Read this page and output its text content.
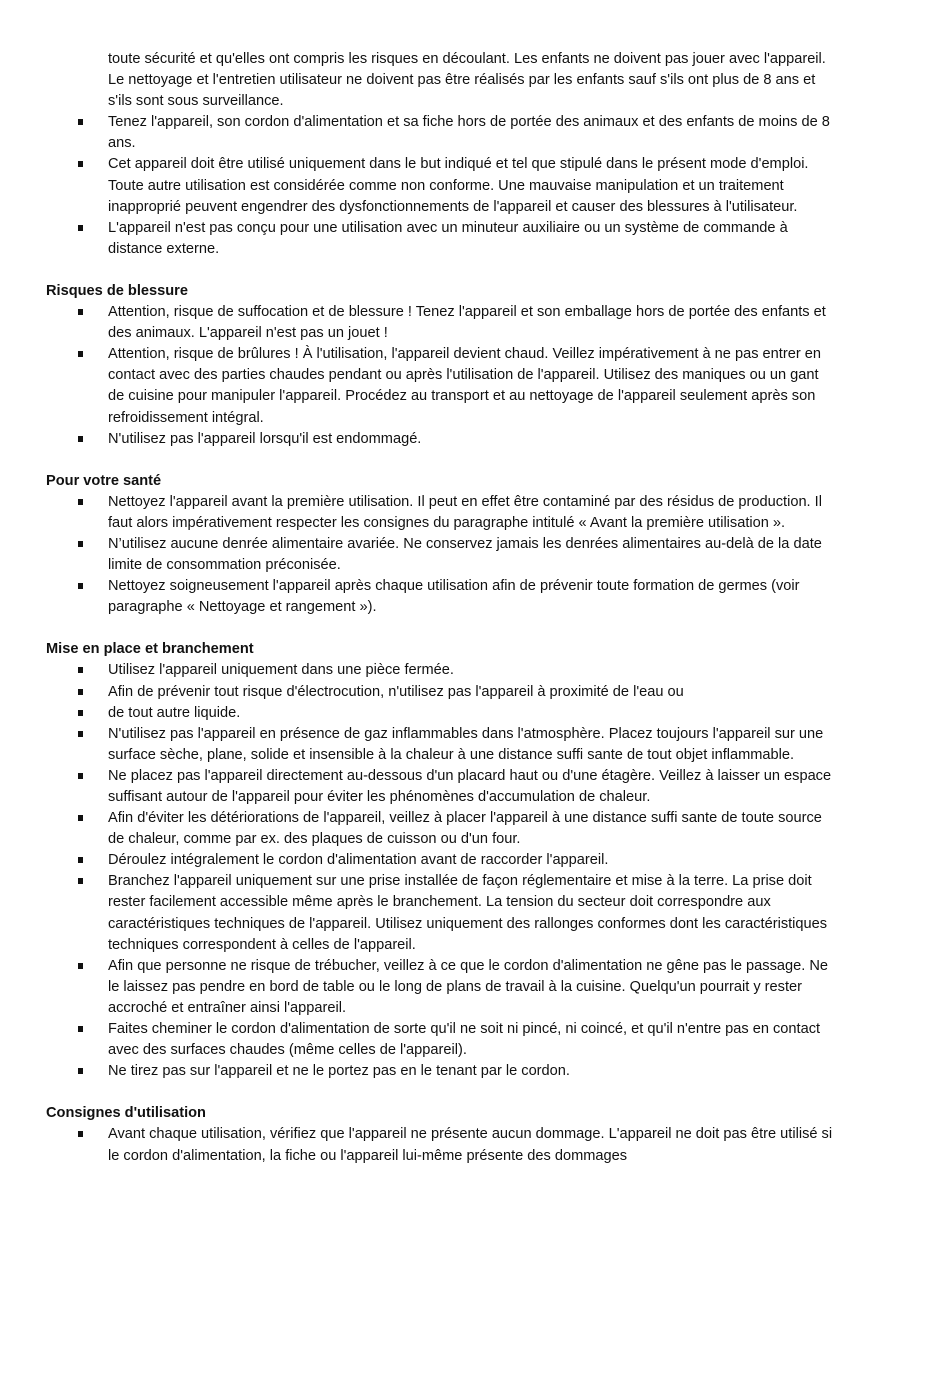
toute sécurité et qu'elles ont compris les risques en découlant. Les enfants ne doivent pas jouer avec l'appareil. Le nettoyage et l'entretien utilisateur ne doivent pas être réalisés par les enfants sauf s'ils ont plus de 8 ans et s'ils sont sous surveillance.

Tenez l'appareil, son cordon d'alimentation et sa fiche hors de portée des animaux et des enfants de moins de 8 ans.
Cet appareil doit être utilisé uniquement dans le but indiqué et tel que stipulé dans le présent mode d'emploi. Toute autre utilisation est considérée comme non conforme. Une mauvaise manipulation et un traitement inapproprié peuvent engendrer des dysfonctionnements de l'appareil et causer des blessures à l'utilisateur.
L'appareil n'est pas conçu pour une utilisation avec un minuteur auxiliaire ou un système de commande à distance externe.

Risques de blessure

Attention, risque de suffocation et de blessure ! Tenez l'appareil et son emballage hors de portée des enfants et des animaux. L'appareil n'est pas un jouet !
Attention, risque de brûlures ! À l'utilisation, l'appareil devient chaud. Veillez impérativement à ne pas entrer en contact avec des parties chaudes pendant ou après l'utilisation de l'appareil. Utilisez des maniques ou un gant de cuisine pour manipuler l'appareil. Procédez au transport et au nettoyage de l'appareil seulement après son refroidissement intégral.
N'utilisez pas l'appareil lorsqu'il est endommagé.

Pour votre santé

Nettoyez l'appareil avant la première utilisation. Il peut en effet être contaminé par des résidus de production. Il faut alors impérativement respecter les consignes du paragraphe intitulé « Avant la première utilisation ».
N’utilisez aucune denrée alimentaire avariée. Ne conservez jamais les denrées alimentaires au-delà de la date limite de consommation préconisée.
Nettoyez soigneusement l'appareil après chaque utilisation afin de prévenir toute formation de germes (voir paragraphe « Nettoyage et rangement »).

Mise en place et branchement

Utilisez l'appareil uniquement dans une pièce fermée.
Afin de prévenir tout risque d'électrocution, n'utilisez pas l'appareil à proximité de l'eau ou
de tout autre liquide.
N'utilisez pas l'appareil en présence de gaz inflammables dans l'atmosphère. Placez toujours l'appareil sur une surface sèche, plane, solide et insensible à la chaleur à une distance suffi sante de tout objet inflammable.
Ne placez pas l'appareil directement au-dessous d'un placard haut ou d'une étagère. Veillez à laisser un espace suffisant autour de l'appareil pour éviter les phénomènes d'accumulation de chaleur.
Afin d'éviter les détériorations de l'appareil, veillez à placer l'appareil à une distance suffi sante de toute source de chaleur, comme par ex. des plaques de cuisson ou d'un four.
Déroulez intégralement le cordon d'alimentation avant de raccorder l'appareil.
Branchez l'appareil uniquement sur une prise installée de façon réglementaire et mise à la terre. La prise doit rester facilement accessible même après le branchement. La tension du secteur doit correspondre aux caractéristiques techniques de l'appareil. Utilisez uniquement des rallonges conformes dont les caractéristiques techniques correspondent à celles de l'appareil.
Afin que personne ne risque de trébucher, veillez à ce que le cordon d'alimentation ne gêne pas le passage. Ne le laissez pas pendre en bord de table ou le long de plans de travail à la cuisine. Quelqu'un pourrait y rester accroché et entraîner ainsi l'appareil.
Faites cheminer le cordon d'alimentation de sorte qu'il ne soit ni pincé, ni coincé, et qu'il n'entre pas en contact avec des surfaces chaudes (même celles de l'appareil).
Ne tirez pas sur l'appareil et ne le portez pas en le tenant par le cordon.

Consignes d'utilisation

Avant chaque utilisation, vérifiez que l'appareil ne présente aucun dommage. L'appareil ne doit pas être utilisé si le cordon d'alimentation, la fiche ou l'appareil lui-même présente des dommages
